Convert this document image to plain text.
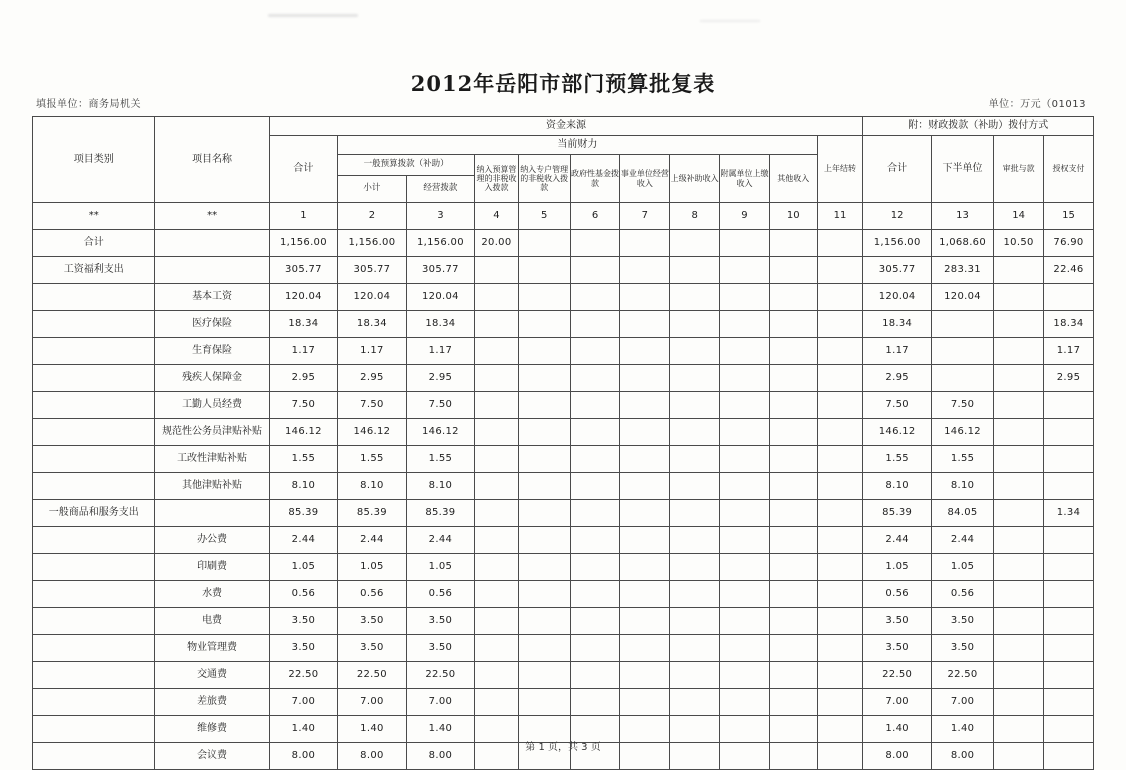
2012年岳阳市部门预算批复表
填报单位：商务局机关	单位：万元（01013
项目类别	项目名称	资金来源											附：财政拨款（补助）拨付方式			
		合计	当前财力									上年结转	合计	下半单位	审批与款	授权支付
			一般预算拨款（补助）		纳入预算管理的非税收入拨款	纳入专户管理的非税收入拨款	政府性基金拨款	事业单位经营收入	上级补助收入	附属单位上缴收入	其他收入					
			小计	经营拨款												
**	**	1	2	3	4	5	6	7	8	9	10	11	12	13	14	15
合计		1,156.00	1,156.00	1,156.00	20.00								1,156.00	1,068.60	10.50	76.90
工资福利支出		305.77	305.77	305.77									305.77	283.31		22.46
	基本工资	120.04	120.04	120.04									120.04	120.04		
	医疗保险	18.34	18.34	18.34									18.34			18.34
	生育保险	1.17	1.17	1.17									1.17			1.17
	残疾人保障金	2.95	2.95	2.95									2.95			2.95
	工勤人员经费	7.50	7.50	7.50									7.50	7.50		
	规范性公务员津贴补贴	146.12	146.12	146.12									146.12	146.12		
	工改性津贴补贴	1.55	1.55	1.55									1.55	1.55		
	其他津贴补贴	8.10	8.10	8.10									8.10	8.10		
一般商品和服务支出		85.39	85.39	85.39									85.39	84.05		1.34
	办公费	2.44	2.44	2.44									2.44	2.44		
	印刷费	1.05	1.05	1.05									1.05	1.05		
	水费	0.56	0.56	0.56									0.56	0.56		
	电费	3.50	3.50	3.50									3.50	3.50		
	物业管理费	3.50	3.50	3.50									3.50	3.50		
	交通费	22.50	22.50	22.50									22.50	22.50		
	差旅费	7.00	7.00	7.00									7.00	7.00		
	维修费	1.40	1.40	1.40									1.40	1.40		
	会议费	8.00	8.00	8.00									8.00	8.00		
第 1 页，共 3 页
